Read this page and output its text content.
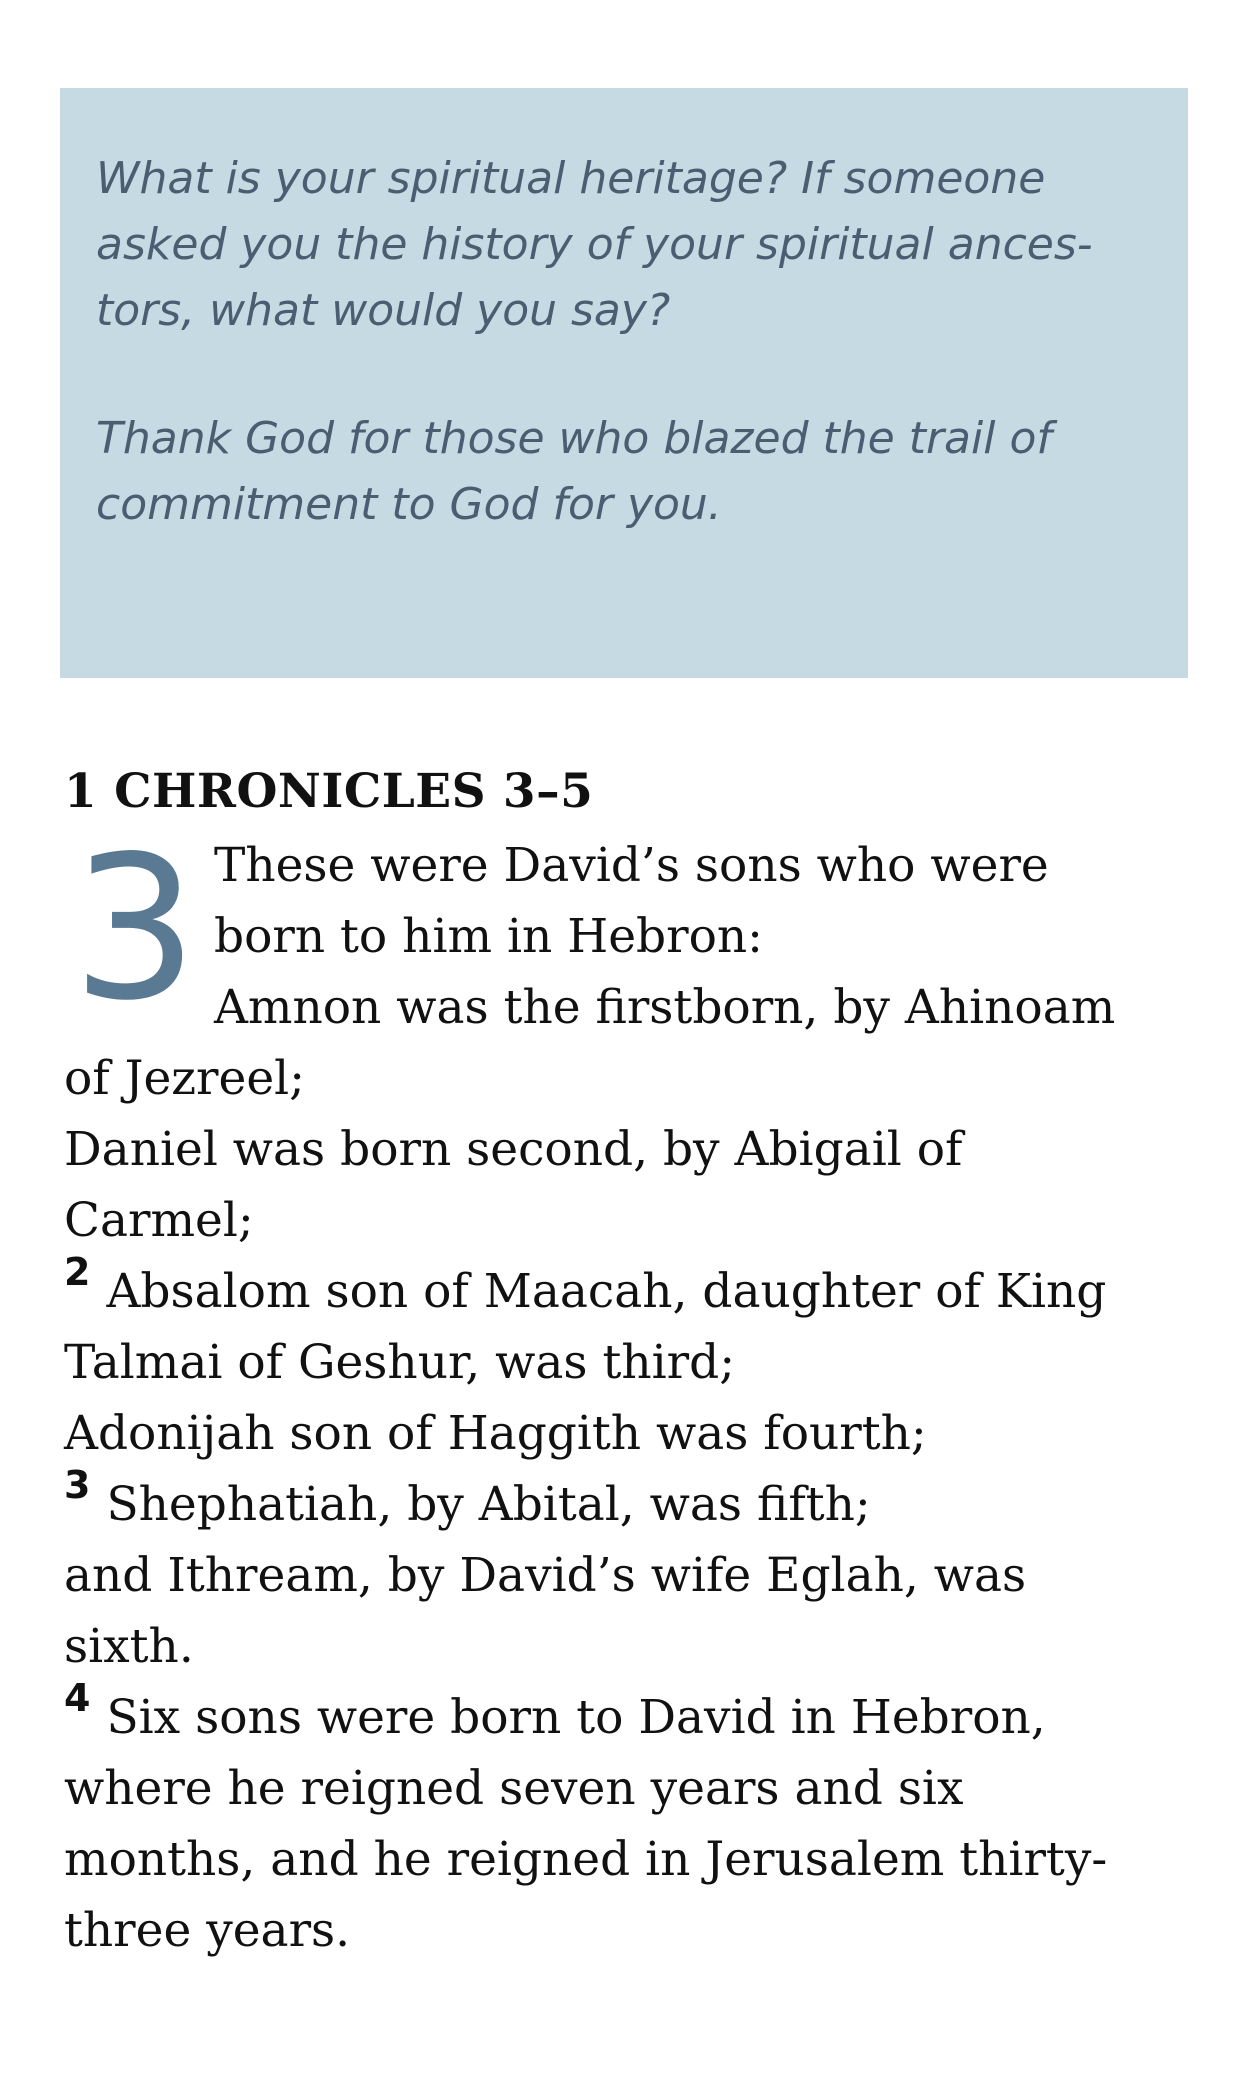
What is your spiritual heritage? If someone
asked you the history of your spiritual ances-
tors, what would you say?

Thank God for those who blazed the trail of
commitment to God for you.

1 CHRONICLES 3–5
3 These were David’s sons who were
born to him in Hebron:
Amnon was the firstborn, by Ahinoam
of Jezreel;
Daniel was born second, by Abigail of
Carmel;
$^2$ Absalom son of Maacah, daughter of King
Talmai of Geshur, was third;
Adonijah son of Haggith was fourth;
$^3$ Shephatiah, by Abital, was fifth;
and Ithream, by David’s wife Eglah, was
sixth.
$^4$ Six sons were born to David in Hebron,
where he reigned seven years and six
months, and he reigned in Jerusalem thirty-
three years.
